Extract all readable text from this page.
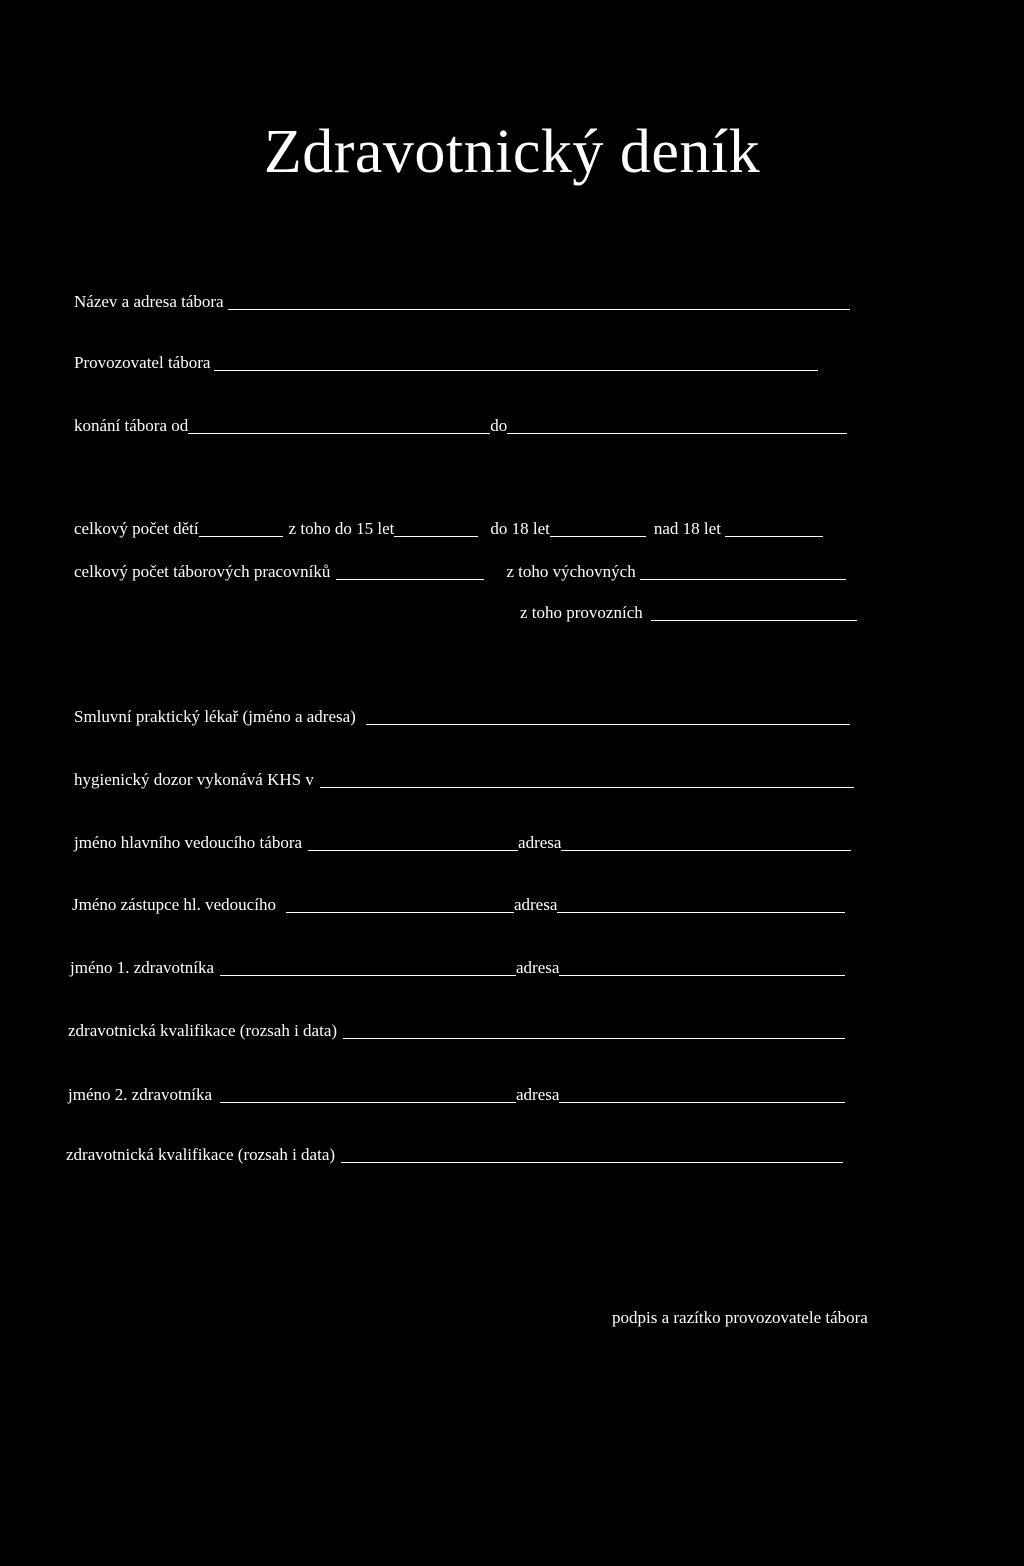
Zdravotnický deník
Název a adresa tábora
Provozovatel tábora
konání tábora od	do
celkový počet dětí	z toho do 15 let	do 18 let	nad 18 let
celkový počet táborových pracovníků	z toho výchovných
z toho provozních
Smluvní praktický lékař (jméno a adresa)
hygienický dozor vykonává KHS v
jméno hlavního vedoucího tábora	adresa
Jméno zástupce hl. vedoucího	adresa
jméno 1. zdravotníka	adresa
zdravotnická kvalifikace (rozsah i data)
jméno 2. zdravotníka	adresa
zdravotnická kvalifikace (rozsah i data)
podpis a razítko provozovatele tábora
